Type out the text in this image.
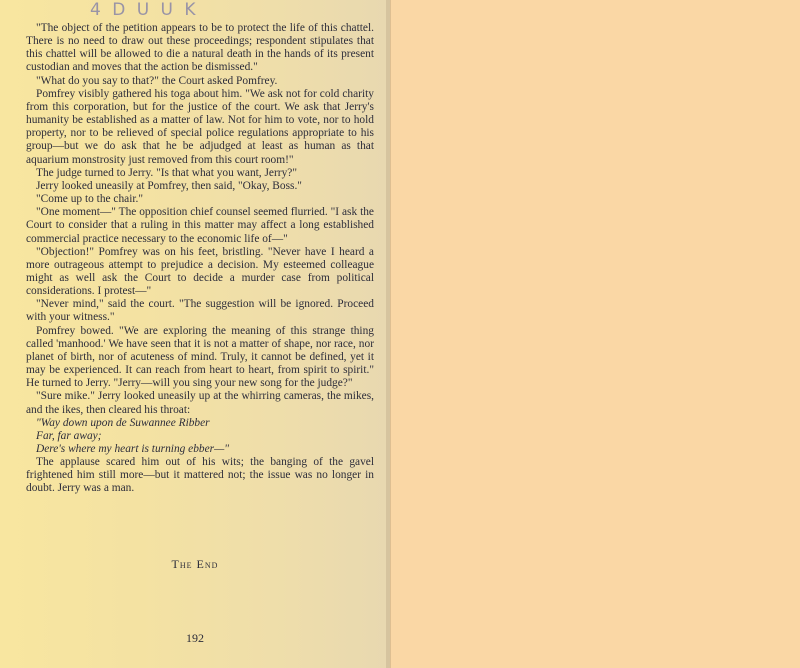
4 D U U K

"The object of the petition appears to be to protect the life of this chattel. There is no need to draw out these proceedings; respondent stipulates that this chattel will be allowed to die a natural death in the hands of its present custodian and moves that the action be dismissed."

"What do you say to that?" the Court asked Pomfrey.

Pomfrey visibly gathered his toga about him. "We ask not for cold charity from this corporation, but for the justice of the court. We ask that Jerry's humanity be established as a matter of law. Not for him to vote, nor to hold property, nor to be relieved of special police regulations appropriate to his group—but we do ask that he be adjudged at least as human as that aquarium monstrosity just removed from this court room!"

The judge turned to Jerry. "Is that what you want, Jerry?"

Jerry looked uneasily at Pomfrey, then said, "Okay, Boss."

"Come up to the chair."

"One moment—" The opposition chief counsel seemed flurried. "I ask the Court to consider that a ruling in this matter may affect a long established commercial practice necessary to the economic life of—"

"Objection!" Pomfrey was on his feet, bristling. "Never have I heard a more outrageous attempt to prejudice a decision. My esteemed colleague might as well ask the Court to decide a murder case from political considerations. I protest—"

"Never mind," said the court. "The suggestion will be ignored. Proceed with your witness."

Pomfrey bowed. "We are exploring the meaning of this strange thing called 'manhood.' We have seen that it is not a matter of shape, nor race, nor planet of birth, nor of acuteness of mind. Truly, it cannot be defined, yet it may be experienced. It can reach from heart to heart, from spirit to spirit." He turned to Jerry. "Jerry—will you sing your new song for the judge?"

"Sure mike." Jerry looked uneasily up at the whirring cameras, the mikes, and the ikes, then cleared his throat:

"Way down upon de Suwannee Ribber

Far, far away;

Dere's where my heart is turning ebber—"

The applause scared him out of his wits; the banging of the gavel frightened him still more—but it mattered not; the issue was no longer in doubt. Jerry was a man.

The End
192
